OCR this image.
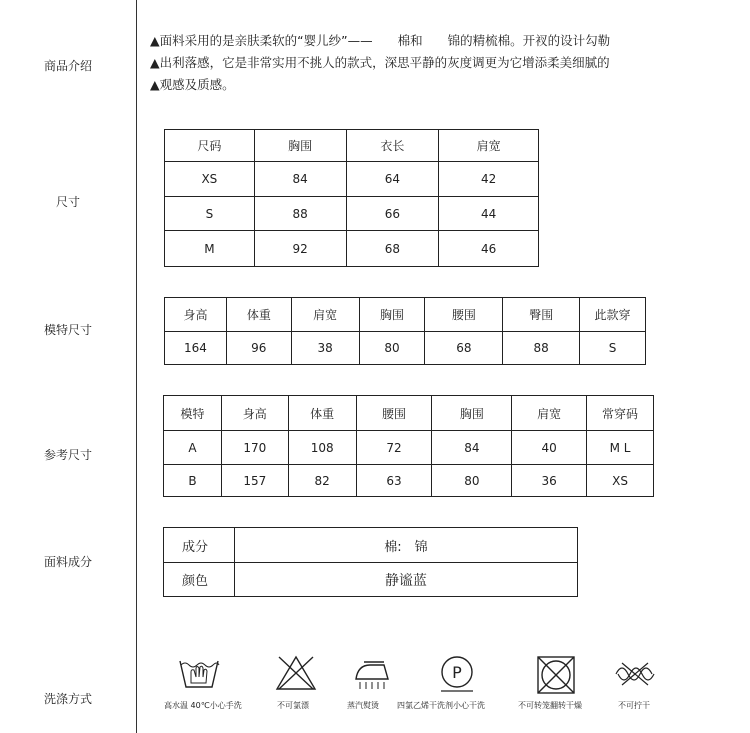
商品介绍
尺寸
模特尺寸
参考尺寸
面料成分
洗涤方式
▲面料采用的是亲肤柔软的“婴儿纱”——　　棉和　　锦的精梳棉。开衩的设计勾勒
▲出利落感，它是非常实用不挑人的款式，深思平静的灰度调更为它增添柔美细腻的
▲观感及质感。
尺码	胸围	衣长	肩宽
XS	84	64	42
S	88	66	44
M	92	68	46
身高	体重	肩宽	胸围	腰围	臀围	此款穿
164	96	38	80	68	88	S
模特	身高	体重	腰围	胸围	肩宽	常穿码
A	170	108	72	84	40	M L
B	157	82	63	80	36	XS
成分	棉:　锦
颜色	静谧蓝
高水温 40℃小心手洗	不可氯漂	蒸汽熨烫
P
四氯乙烯干洗剂小心干洗	不可转笼翻转干燥	不可拧干
